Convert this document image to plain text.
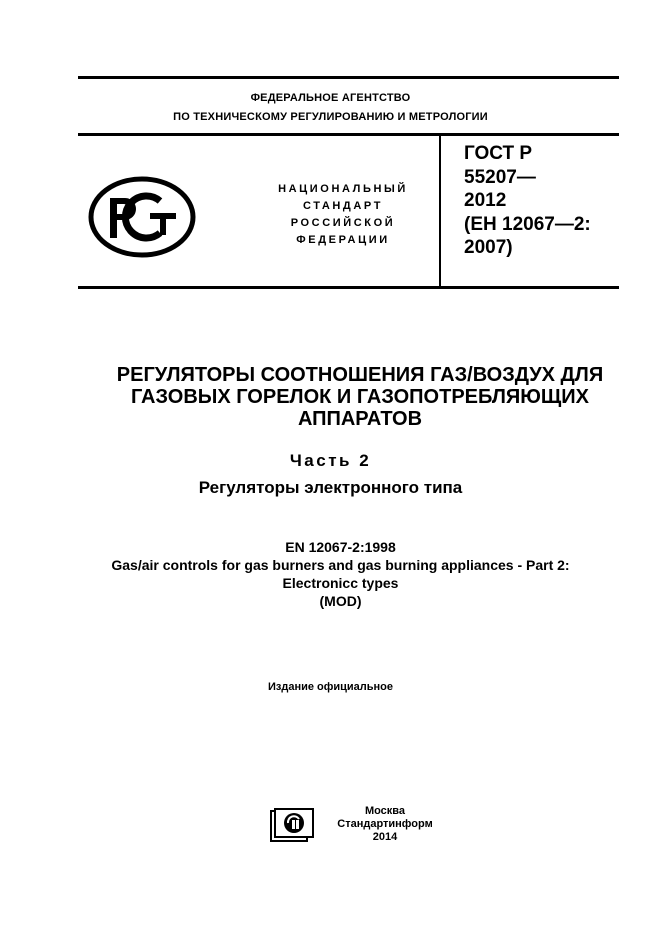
ФЕДЕРАЛЬНОЕ АГЕНТСТВО
ПО ТЕХНИЧЕСКОМУ РЕГУЛИРОВАНИЮ И МЕТРОЛОГИИ
НАЦИОНАЛЬНЫЙ
СТАНДАРТ
РОССИЙСКОЙ
ФЕДЕРАЦИИ
ГОСТ Р
55207—
2012
(ЕН 12067—2:
2007)
РЕГУЛЯТОРЫ СООТНОШЕНИЯ ГАЗ/ВОЗДУХ ДЛЯ
ГАЗОВЫХ ГОРЕЛОК И ГАЗОПОТРЕБЛЯЮЩИХ
АППАРАТОВ
Часть 2
Регуляторы электронного типа
EN 12067-2:1998
Gas/air controls for gas burners and gas burning appliances - Part 2:
Electronicc types
(MOD)
Издание официальное
Москва
Стандартинформ
2014
